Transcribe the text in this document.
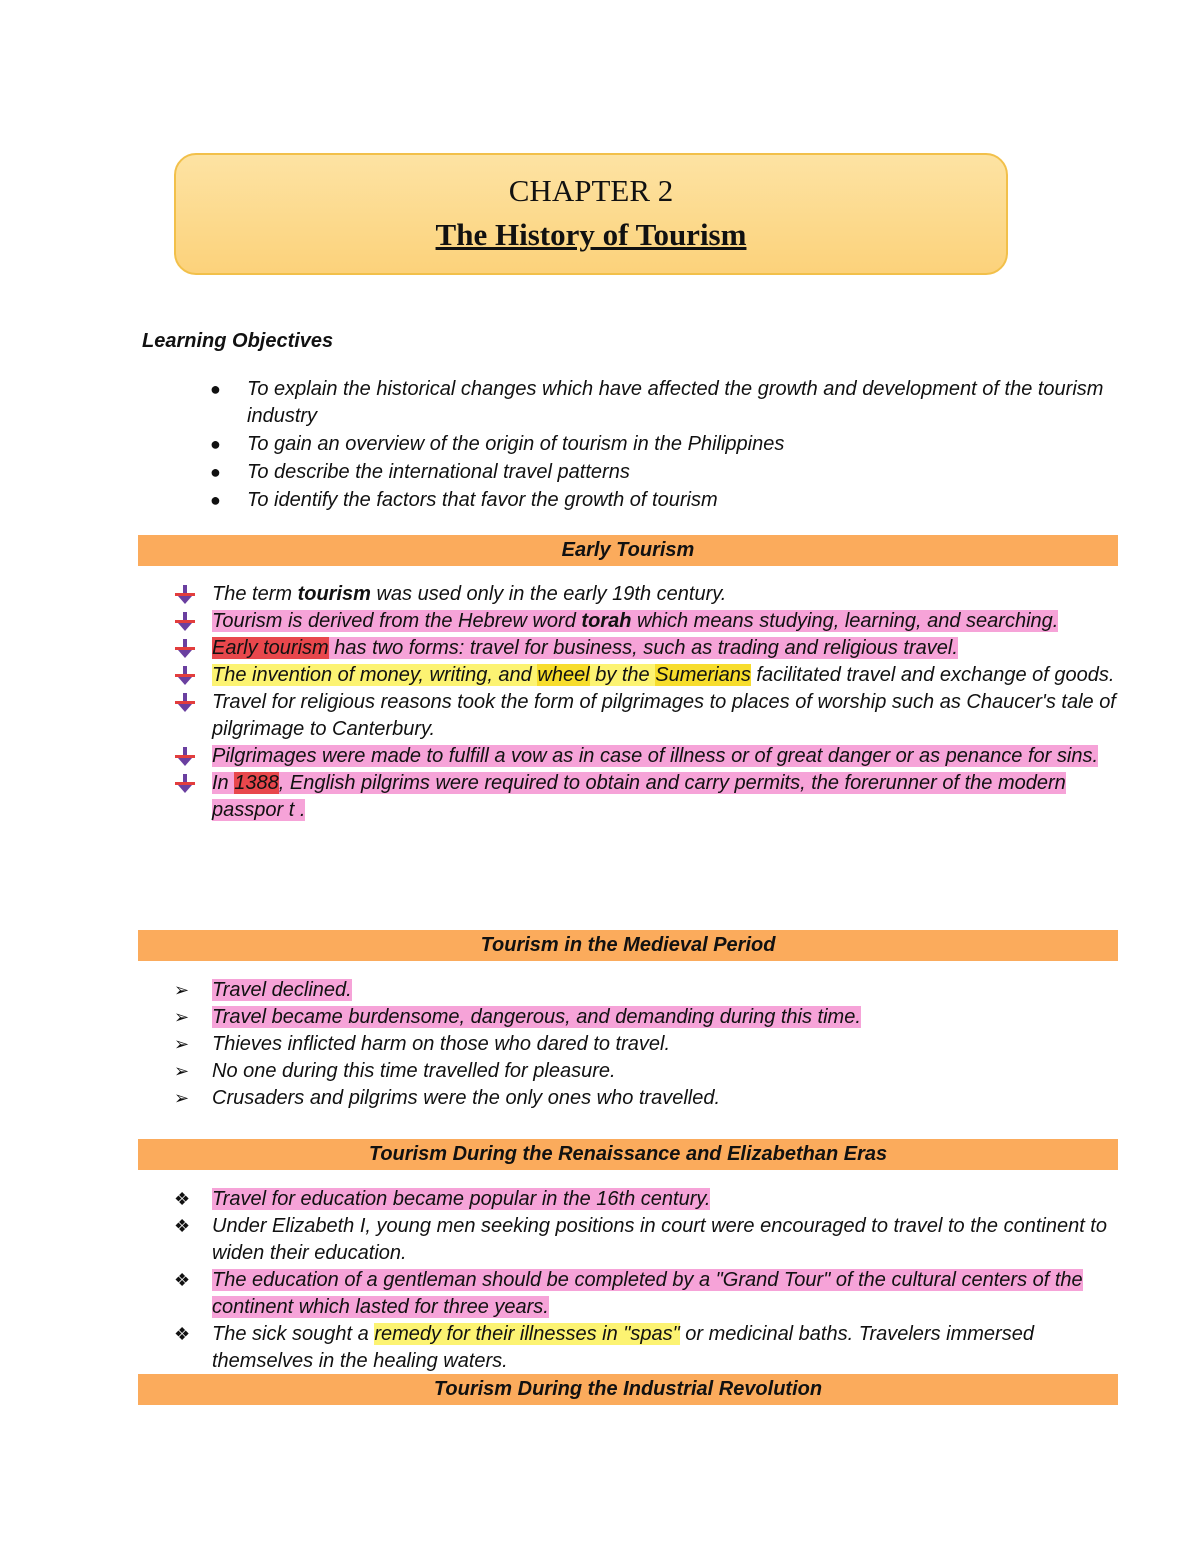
CHAPTER 2
The History of Tourism
Learning Objectives
● To explain the historical changes which have affected the growth and development of the tourism industry
● To gain an overview of the origin of tourism in the Philippines
● To describe the international travel patterns
● To identify the factors that favor the growth of tourism
Early Tourism
The term tourism was used only in the early 19th century.
Tourism is derived from the Hebrew word torah which means studying, learning, and searching.
Early tourism has two forms: travel for business, such as trading and religious travel.
The invention of money, writing, and wheel by the Sumerians facilitated travel and exchange of goods.
Travel for religious reasons took the form of pilgrimages to places of worship such as Chaucer's tale of pilgrimage to Canterbury.
Pilgrimages were made to fulfill a vow as in case of illness or of great danger or as penance for sins.
In 1388, English pilgrims were required to obtain and carry permits, the forerunner of the modern passpor t .
Tourism in the Medieval Period
➢	Travel declined.
➢	Travel became burdensome, dangerous, and demanding during this time.
➢	Thieves inflicted harm on those who dared to travel.
➢	No one during this time travelled for pleasure.
➢	Crusaders and pilgrims were the only ones who travelled.
Tourism During the Renaissance and Elizabethan Eras
❖ Travel for education became popular in the 16th century.
❖ Under Elizabeth I, young men seeking positions in court were encouraged to travel to the continent to widen their education.
❖ The education of a gentleman should be completed by a "Grand Tour" of the cultural centers of the continent which lasted for three years.
❖ The sick sought a remedy for their illnesses in "spas" or medicinal baths. Travelers immersed themselves in the healing waters.
Tourism During the Industrial Revolution
